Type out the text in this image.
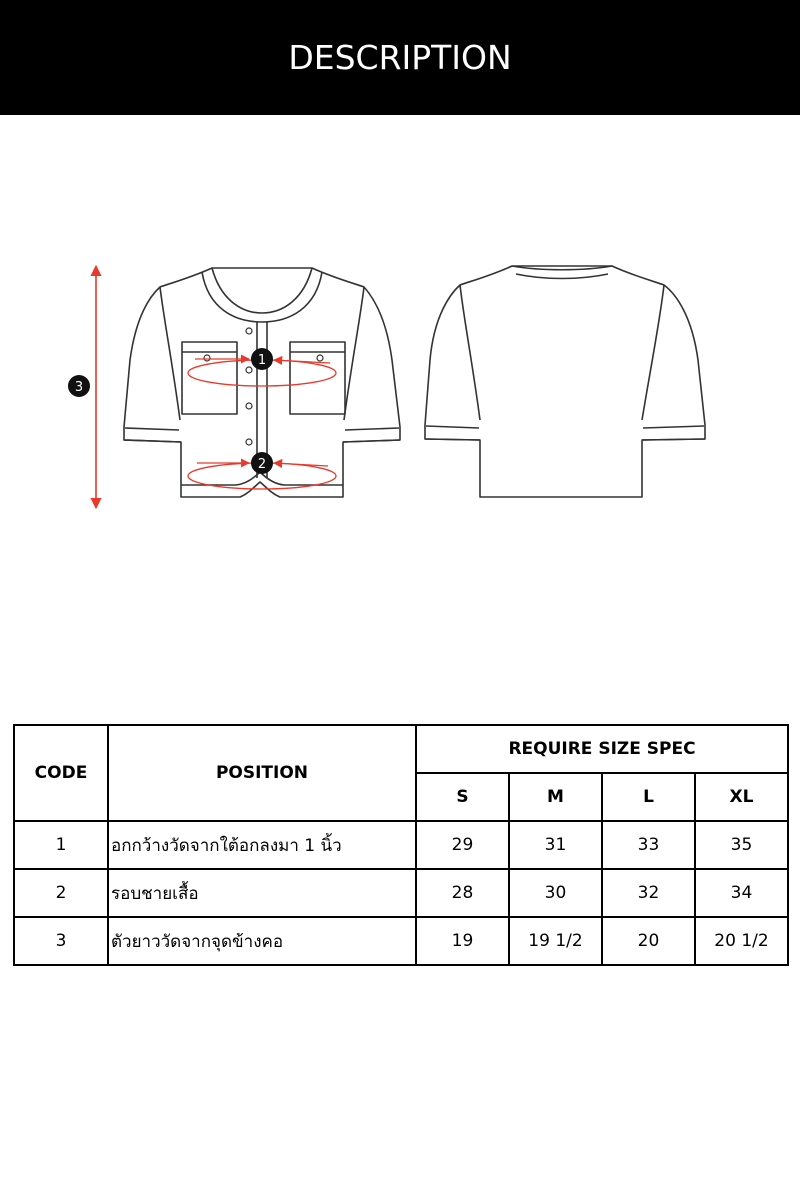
DESCRIPTION
3
1
2
CODE	POSITION	REQUIRE SIZE SPEC			
		S	M	L	XL
1	อกกว้างวัดจากใต้อกลงมา 1 นิ้ว	29	31	33	35
2	รอบชายเสื้อ	28	30	32	34
3	ตัวยาววัดจากจุดข้างคอ	19	19 1/2	20	20 1/2
